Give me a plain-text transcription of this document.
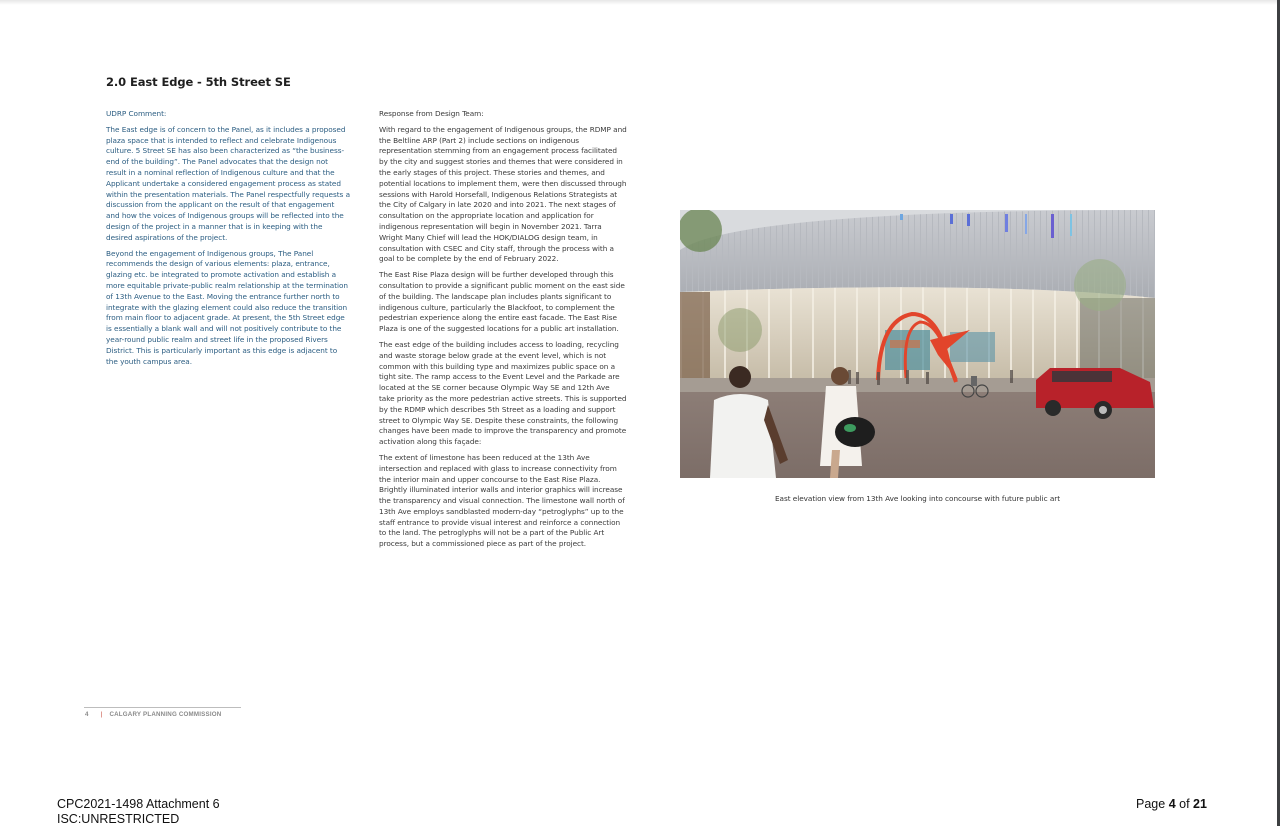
2.0 East Edge - 5th Street SE
UDRP Comment:

The East edge is of concern to the Panel, as it includes a proposed plaza space that is intended to reflect and celebrate Indigenous culture. 5 Street SE has also been characterized as “the business-end of the building”. The Panel advocates that the design not result in a nominal reflection of Indigenous culture and that the Applicant undertake a considered engagement process as stated within the presentation materials. The Panel respectfully requests a discussion from the applicant on the result of that engagement and how the voices of Indigenous groups will be reflected into the design of the project in a manner that is in keeping with the desired aspirations of the project.

Beyond the engagement of Indigenous groups, The Panel recommends the design of various elements: plaza, entrance, glazing etc. be integrated to promote activation and establish a more equitable private-public realm relationship at the termination of 13th Avenue to the East. Moving the entrance further north to integrate with the glazing element could also reduce the transition from main floor to adjacent grade. At present, the 5th Street edge is essentially a blank wall and will not positively contribute to the year-round public realm and street life in the proposed Rivers District. This is particularly important as this edge is adjacent to the youth campus area.

Response from Design Team:

With regard to the engagement of Indigenous groups, the RDMP and the Beltline ARP (Part 2) include sections on indigenous representation stemming from an engagement process facilitated by the city and suggest stories and themes that were considered in the early stages of this project. These stories and themes, and potential locations to implement them, were then discussed through sessions with Harold Horsefall, Indigenous Relations Strategists at the City of Calgary in late 2020 and into 2021. The next stages of consultation on the appropriate location and application for indigenous representation will begin in November 2021. Tarra Wright Many Chief will lead the HOK/DIALOG design team, in consultation with CSEC and City staff, through the process with a goal to be complete by the end of February 2022.

The East Rise Plaza design will be further developed through this consultation to provide a significant public moment on the east side of the building. The landscape plan includes plants significant to indigenous culture, particularly the Blackfoot, to complement the pedestrian experience along the entire east facade. The East Rise Plaza is one of the suggested locations for a public art installation.

The east edge of the building includes access to loading, recycling and waste storage below grade at the event level, which is not common with this building type and maximizes public space on a tight site. The ramp access to the Event Level and the Parkade are located at the SE corner because Olympic Way SE and 12th Ave take priority as the more pedestrian active streets. This is supported by the RDMP which describes 5th Street as a loading and support street to Olympic Way SE. Despite these constraints, the following changes have been made to improve the transparency and promote activation along this façade:

The extent of limestone has been reduced at the 13th Ave intersection and replaced with glass to increase connectivity from the interior main and upper concourse to the East Rise Plaza. Brightly illuminated interior walls and interior graphics will increase the transparency and visual connection. The limestone wall north of 13th Ave employs sandblasted modern-day “petroglyphs” up to the staff entrance to provide visual interest and reinforce a connection to the land. The petroglyphs will not be a part of the Public Art process, but a commissioned piece as part of the project.

East elevation view from 13th Ave looking into concourse with future public art
4 | CALGARY PLANNING COMMISSION
CPC2021-1498 Attachment 6
ISC:UNRESTRICTED
Page 4 of 21
